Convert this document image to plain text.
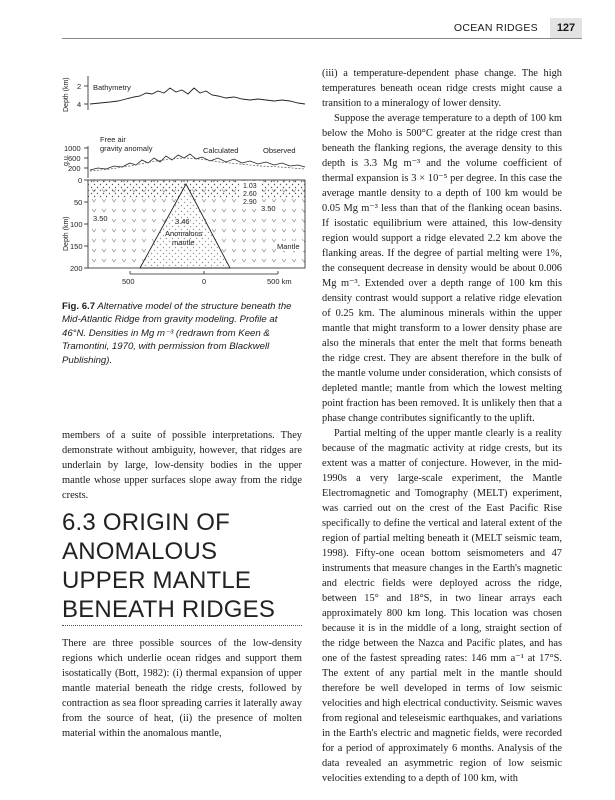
OCEAN RIDGES	127
Depth (km) 2
4
Bathymetry
Free air
gravity anomaly	Calculated	Observed
g.u.
1000
600
200
Depth (km)
0
50
100
150
200
3.50
3.50
3.46
Anomalous
mantle	Mantle
1.03
2.60
2.90
500	0	500 km
Fig. 6.7 Alternative model of the structure beneath the Mid-Atlantic Ridge from gravity modeling. Profile at 46°N. Densities in Mg m⁻³ (redrawn from Keen & Tramontini, 1970, with permission from Blackwell Publishing).

members of a suite of possible interpretations. They demonstrate without ambiguity, however, that ridges are underlain by large, low-density bodies in the upper mantle whose upper surfaces slope away from the ridge crests.

6.3 ORIGIN OF ANOMALOUS UPPER MANTLE BENEATH RIDGES

There are three possible sources of the low-density regions which underlie ocean ridges and support them isostatically (Bott, 1982): (i) thermal expansion of upper mantle material beneath the ridge crests, followed by contraction as sea floor spreading carries it laterally away from the source of heat, (ii) the presence of molten material within the anomalous mantle,

(iii) a temperature-dependent phase change. The high temperatures beneath ocean ridge crests might cause a transition to a mineralogy of lower density.

Suppose the average temperature to a depth of 100 km below the Moho is 500°C greater at the ridge crest than beneath the flanking regions, the average density to this depth is 3.3 Mg m⁻³ and the volume coefficient of thermal expansion is 3 × 10⁻⁵ per degree. In this case the average mantle density to a depth of 100 km would be 0.05 Mg m⁻³ less than that of the flanking ocean basins. If isostatic equilibrium were attained, this low-density region would support a ridge elevated 2.2 km above the flanking areas. If the degree of partial melting were 1%, the consequent decrease in density would be about 0.006 Mg m⁻³. Extended over a depth range of 100 km this density contrast would support a relative ridge elevation of 0.25 km. The aluminous minerals within the upper mantle that might transform to a lower density phase are also the minerals that enter the melt that forms beneath the ridge crest. They are absent therefore in the bulk of the mantle volume under consideration, which consists of depleted mantle; mantle from which the lowest melting point fraction has been removed. It is unlikely then that a phase change contributes significantly to the uplift.

Partial melting of the upper mantle clearly is a reality because of the magmatic activity at ridge crests, but its extent was a matter of conjecture. However, in the mid-1990s a very large-scale experiment, the Mantle Electromagnetic and Tomography (MELT) experiment, was carried out on the crest of the East Pacific Rise specifically to define the vertical and lateral extent of the region of partial melting beneath it (MELT seismic team, 1998). Fifty-one ocean bottom seismometers and 47 instruments that measure changes in the Earth's magnetic and electric fields were deployed across the ridge, between 15° and 18°S, in two linear arrays each approximately 800 km long. This location was chosen because it is in the middle of a long, straight section of the ridge between the Nazca and Pacific plates, and has one of the fastest spreading rates: 146 mm a⁻¹ at 17°S. The extent of any partial melt in the mantle should therefore be well developed in terms of low seismic velocities and high electrical conductivity. Seismic waves from regional and teleseismic earthquakes, and variations in the Earth's electric and magnetic fields, were recorded for a period of approximately 6 months. Analysis of the data revealed an asymmetric region of low seismic velocities extending to a depth of 100 km, with
